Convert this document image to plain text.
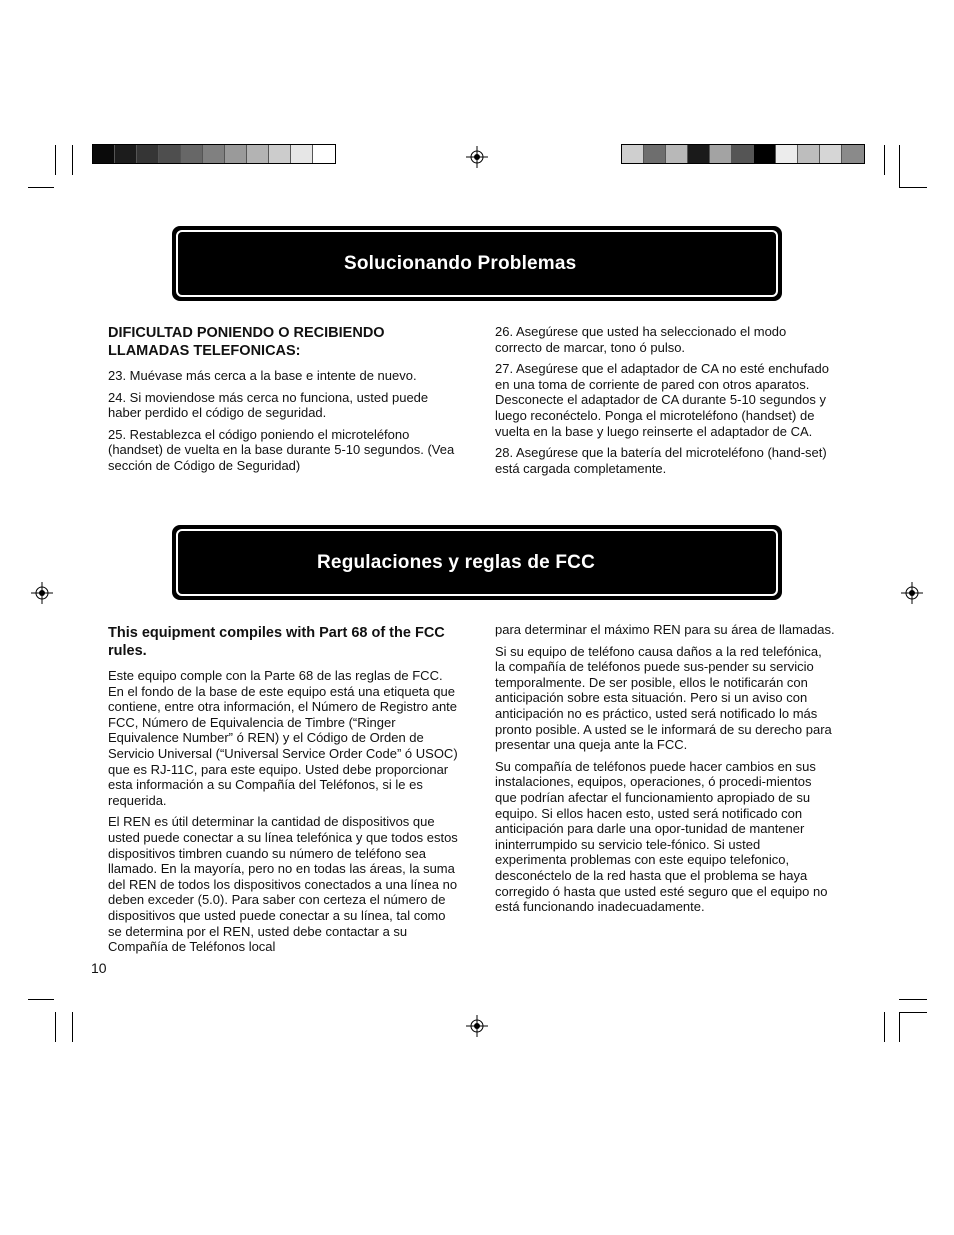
Solucionando Problemas
DIFICULTAD PONIENDO O RECIBIENDO LLAMADAS TELEFONICAS:

23. Muévase más cerca a la base e intente de nuevo.

24. Si moviendose más cerca no funciona, usted puede haber perdido el código de seguridad.

25. Restablezca el código poniendo el microteléfono (handset) de vuelta en la base durante 5-10 segundos. (Vea sección de Código de Seguridad)

26. Asegúrese que usted ha seleccionado el modo correcto de marcar, tono ó pulso.

27. Asegúrese que el adaptador de CA no esté enchufado en una toma de corriente de pared con otros aparatos. Desconecte el adaptador de CA durante 5-10 segundos y luego reconéctelo. Ponga el microteléfono (handset) de vuelta en la base y luego reinserte el adaptador de CA.

28. Asegúrese que la batería del microteléfono (hand-set) está cargada completamente.

Regulaciones y reglas de FCC
This equipment compiles with Part 68 of the FCC rules.

Este equipo comple con la Parte 68 de las reglas de FCC. En el fondo de la base de este equipo está una etiqueta que contiene, entre otra información, el Número de Registro ante FCC, Número de Equivalencia de Timbre (“Ringer Equivalence Number” ó REN) y el Código de Orden de Servicio Universal (“Universal Service Order Code” ó USOC) que es RJ-11C, para este equipo. Usted debe proporcionar esta información a su Compañía del Teléfonos, si le es requerida.

El REN es útil determinar la cantidad de dispositivos que usted puede conectar a su línea telefónica y que todos estos dispositivos timbren cuando su número de teléfono sea llamado. En la mayoría, pero no en todas las áreas, la suma del REN de todos los dispositivos conectados a una línea no deben exceder (5.0). Para saber con certeza el número de dispositivos que usted puede conectar a su línea, tal como se determina por el REN, usted debe contactar a su Compañía de Teléfonos local

para determinar el máximo REN para su área de llamadas.

Si su equipo de teléfono causa daños a la red telefónica, la compañía de teléfonos puede sus-pender su servicio temporalmente. De ser posible, ellos le notificarán con anticipación sobre esta situación. Pero si un aviso con anticipación no es práctico, usted será notificado lo más pronto posible. A usted se le informará de su derecho para presentar una queja ante la FCC.

Su compañía de teléfonos puede hacer cambios en sus instalaciones, equipos, operaciones, ó procedi-mientos que podrían afectar el funcionamiento apropiado de su equipo. Si ellos hacen esto, usted será notificado con anticipación para darle una opor-tunidad de mantener ininterrumpido su servicio tele-fónico. Si usted experimenta problemas con este equipo telefonico, desconéctelo de la red hasta que el problema se haya corregido ó hasta que usted esté seguro que el equipo no está funcionando inadecuadamente.

10
